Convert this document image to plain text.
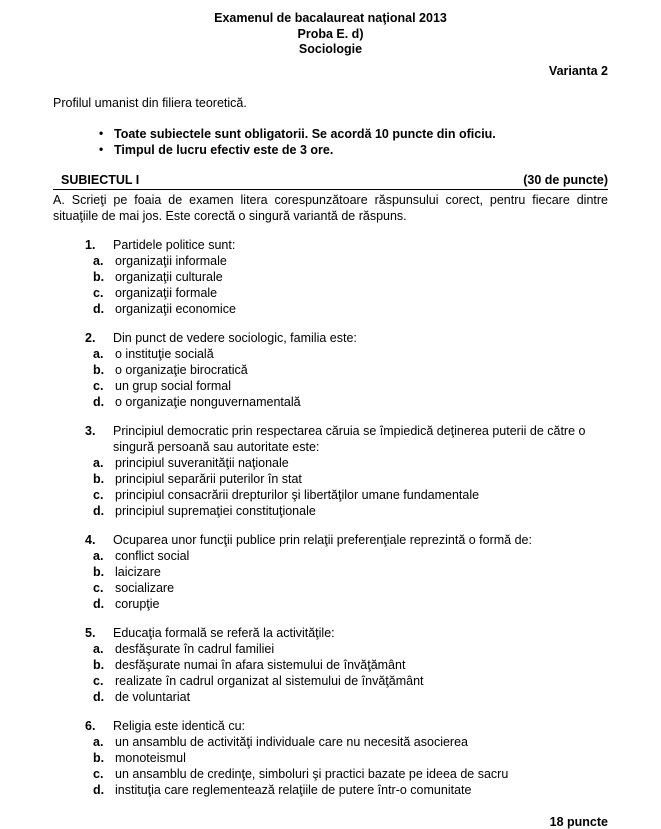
Examenul de bacalaureat naţional 2013
Proba E. d)
Sociologie
Varianta 2
Profilul umanist din filiera teoretică.
• Toate subiectele sunt obligatorii. Se acordă 10 puncte din oficiu.
• Timpul de lucru efectiv este de 3 ore.
SUBIECTUL I	(30 de puncte)
A. Scrieţi pe foaia de examen litera corespunzătoare răspunsului corect, pentru fiecare dintre situaţiile de mai jos. Este corectă o singură variantă de răspuns.
1. Partidele politice sunt:
a. organizaţii informale
b. organizaţii culturale
c. organizaţii formale
d. organizaţii economice
2. Din punct de vedere sociologic, familia este:
a. o instituţie socială
b. o organizaţie birocratică
c. un grup social formal
d. o organizaţie nonguvernamentală
3. Principiul democratic prin respectarea căruia se împiedică deţinerea puterii de către o singură persoană sau autoritate este:
a. principiul suveranităţii naţionale
b. principiul separării puterilor în stat
c. principiul consacrării drepturilor şi libertăţilor umane fundamentale
d. principiul supremaţiei constituţionale
4. Ocuparea unor funcţii publice prin relaţii preferenţiale reprezintă o formă de:
a. conflict social
b. laicizare
c. socializare
d. corupţie
5. Educaţia formală se referă la activităţile:
a. desfăşurate în cadrul familiei
b. desfăşurate numai în afara sistemului de învăţământ
c. realizate în cadrul organizat al sistemului de învăţământ
d. de voluntariat
6. Religia este identică cu:
a. un ansamblu de activităţi individuale care nu necesită asocierea
b. monoteismul
c. un ansamblu de credinţe, simboluri şi practici bazate pe ideea de sacru
d. instituţia care reglementează relaţiile de putere într-o comunitate
18 puncte
